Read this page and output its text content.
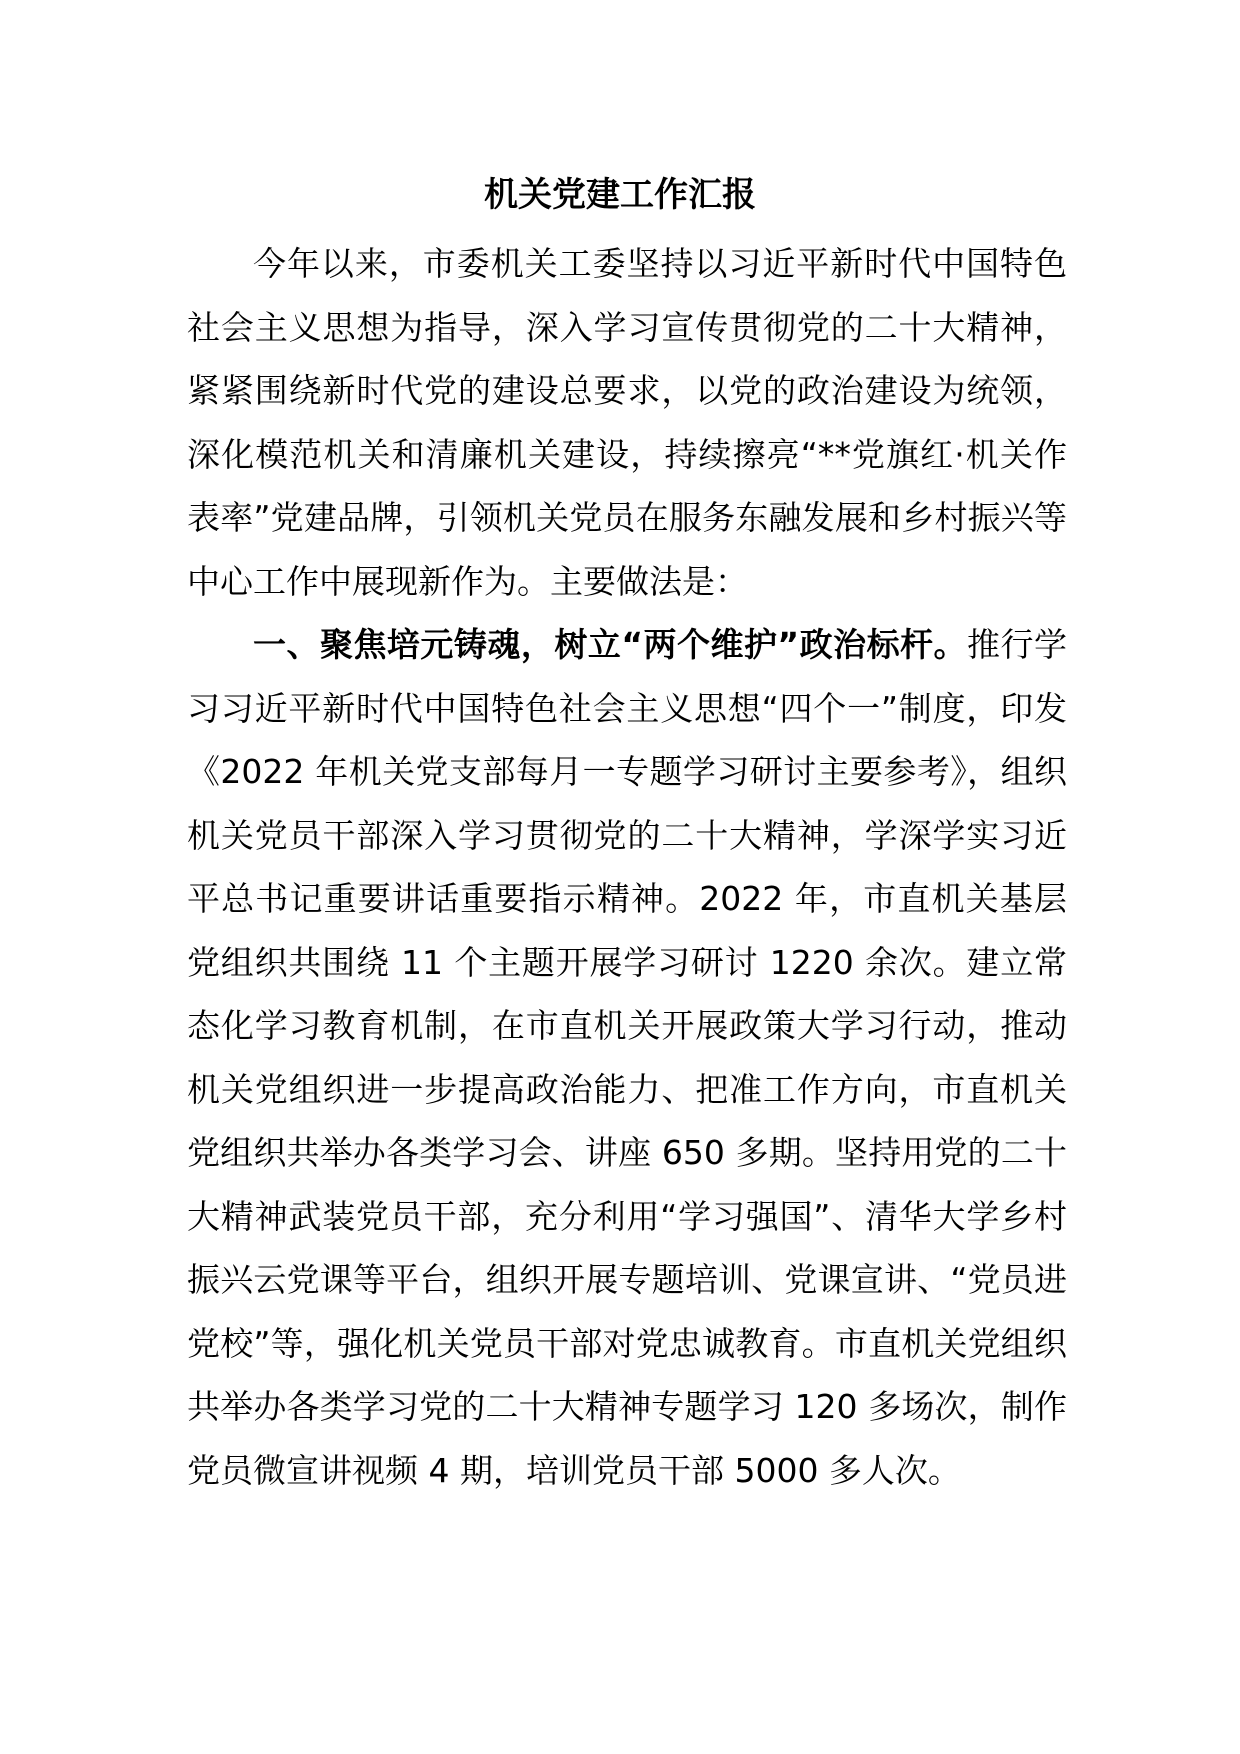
机关党建工作汇报

今年以来，市委机关工委坚持以习近平新时代中国特色社会主义思想为指导，深入学习宣传贯彻党的二十大精神，紧紧围绕新时代党的建设总要求，以党的政治建设为统领，深化模范机关和清廉机关建设，持续擦亮“**党旗红·机关作表率”党建品牌，引领机关党员在服务东融发展和乡村振兴等中心工作中展现新作为。主要做法是：

一、聚焦培元铸魂，树立“两个维护”政治标杆。推行学习习近平新时代中国特色社会主义思想“四个一”制度，印发《2022 年机关党支部每月一专题学习研讨主要参考》，组织机关党员干部深入学习贯彻党的二十大精神，学深学实习近平总书记重要讲话重要指示精神。2022 年，市直机关基层党组织共围绕 11 个主题开展学习研讨 1220 余次。建立常态化学习教育机制，在市直机关开展政策大学习行动，推动机关党组织进一步提高政治能力、把准工作方向，市直机关党组织共举办各类学习会、讲座 650 多期。坚持用党的二十大精神武装党员干部，充分利用“学习强国”、清华大学乡村振兴云党课等平台，组织开展专题培训、党课宣讲、“党员进党校”等，强化机关党员干部对党忠诚教育。市直机关党组织共举办各类学习党的二十大精神专题学习 120 多场次，制作党员微宣讲视频 4 期，培训党员干部 5000 多人次。
